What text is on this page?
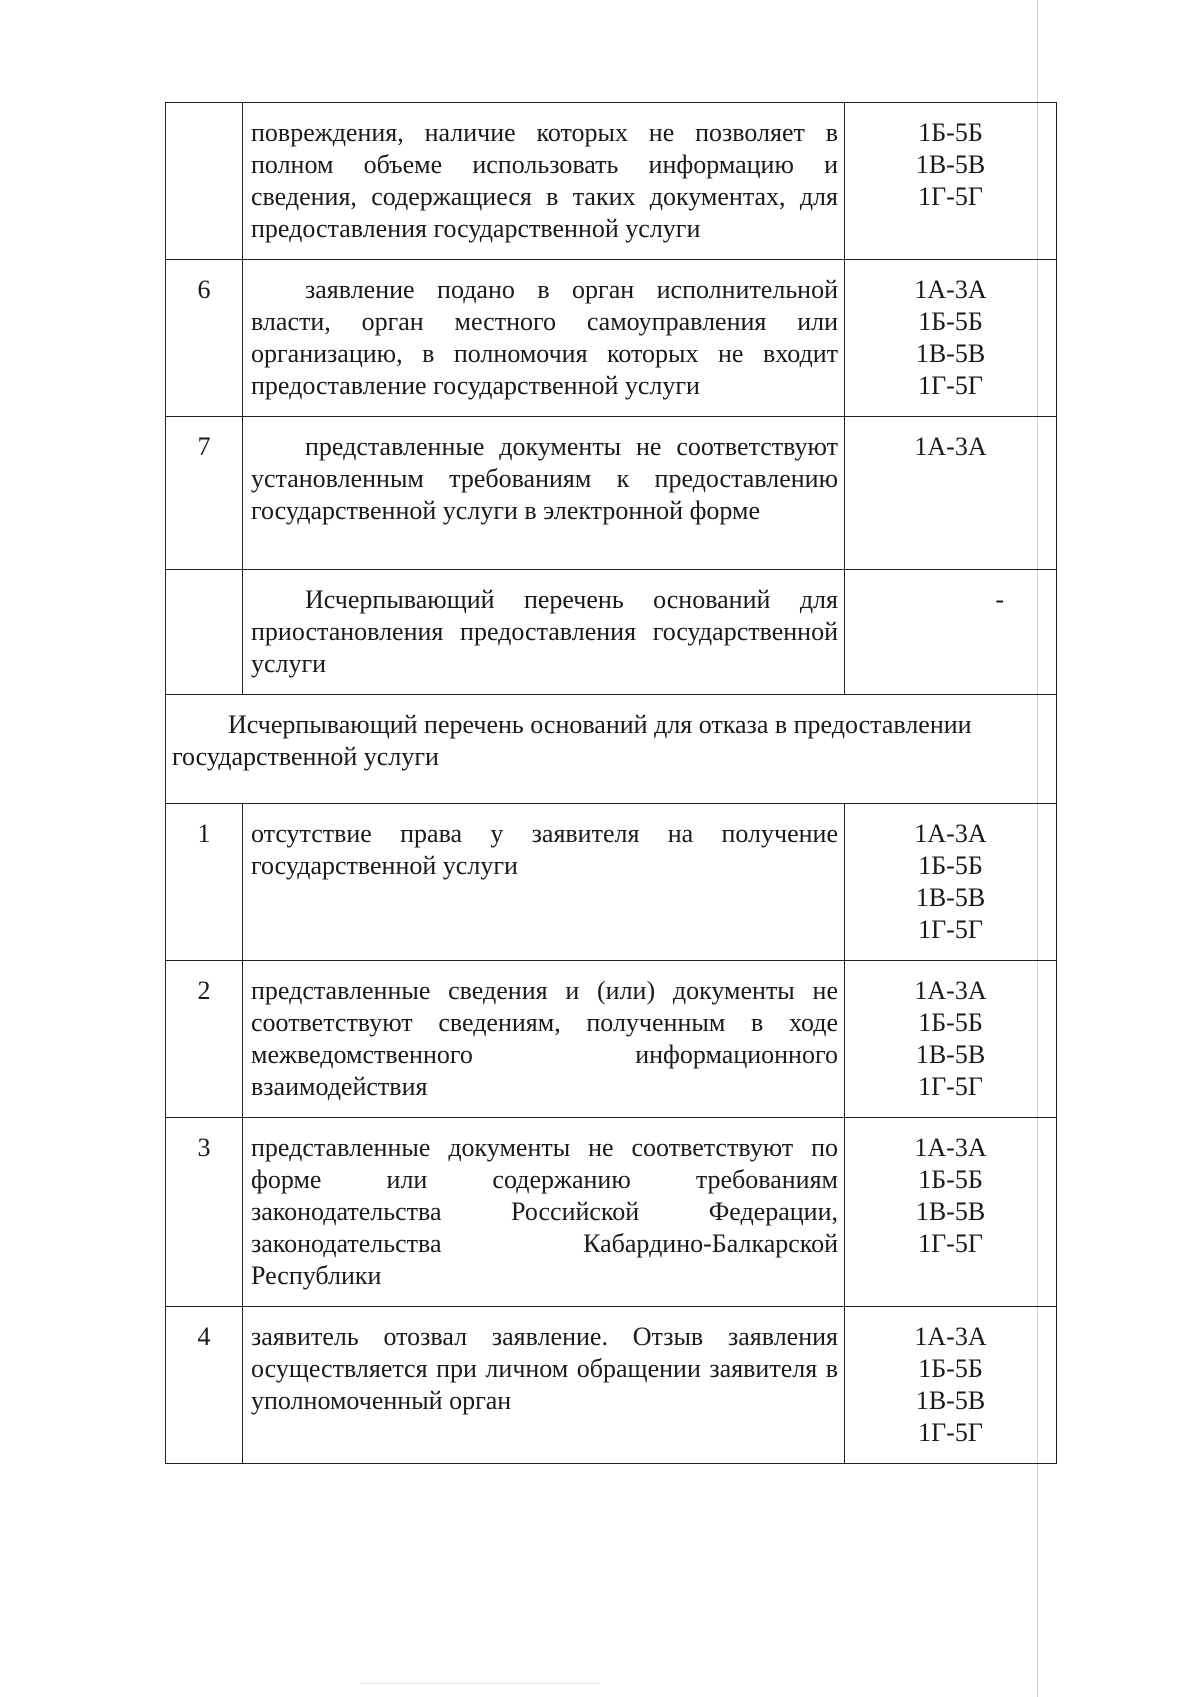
	повреждения, наличие которых не позволяет в полном объеме использовать информацию и сведения, содержащиеся в таких документах, для предоставления государственной услуги	1Б-5Б
1В-5В
1Г-5Г

6	заявление подано в орган исполнительной власти, орган местного самоуправления или организацию, в полномочия которых не входит предоставление государственной услуги	1А-3А
1Б-5Б
1В-5В
1Г-5Г

7	представленные документы не соответствуют установленным требованиям к предоставлению государственной услуги в электронной форме	1А-3А

	Исчерпывающий перечень оснований для приостановления предоставления государственной услуги	-
Исчерпывающий перечень оснований для отказа в предоставлении государственной услуги		
1	отсутствие права у заявителя на получение государственной услуги	1А-3А
1Б-5Б
1В-5В
1Г-5Г

2	представленные сведения и (или) документы не соответствуют сведениям, полученным в ходе межведомственного информационного взаимодействия	1А-3А
1Б-5Б
1В-5В
1Г-5Г

3	представленные документы не соответствуют по форме или содержанию требованиям законодательства Российской Федерации, законодательства Кабардино-Балкарской Республики	1А-3А
1Б-5Б
1В-5В
1Г-5Г

4	заявитель отозвал заявление. Отзыв заявления осуществляется при личном обращении заявителя в уполномоченный орган	1А-3А
1Б-5Б
1В-5В
1Г-5Г
